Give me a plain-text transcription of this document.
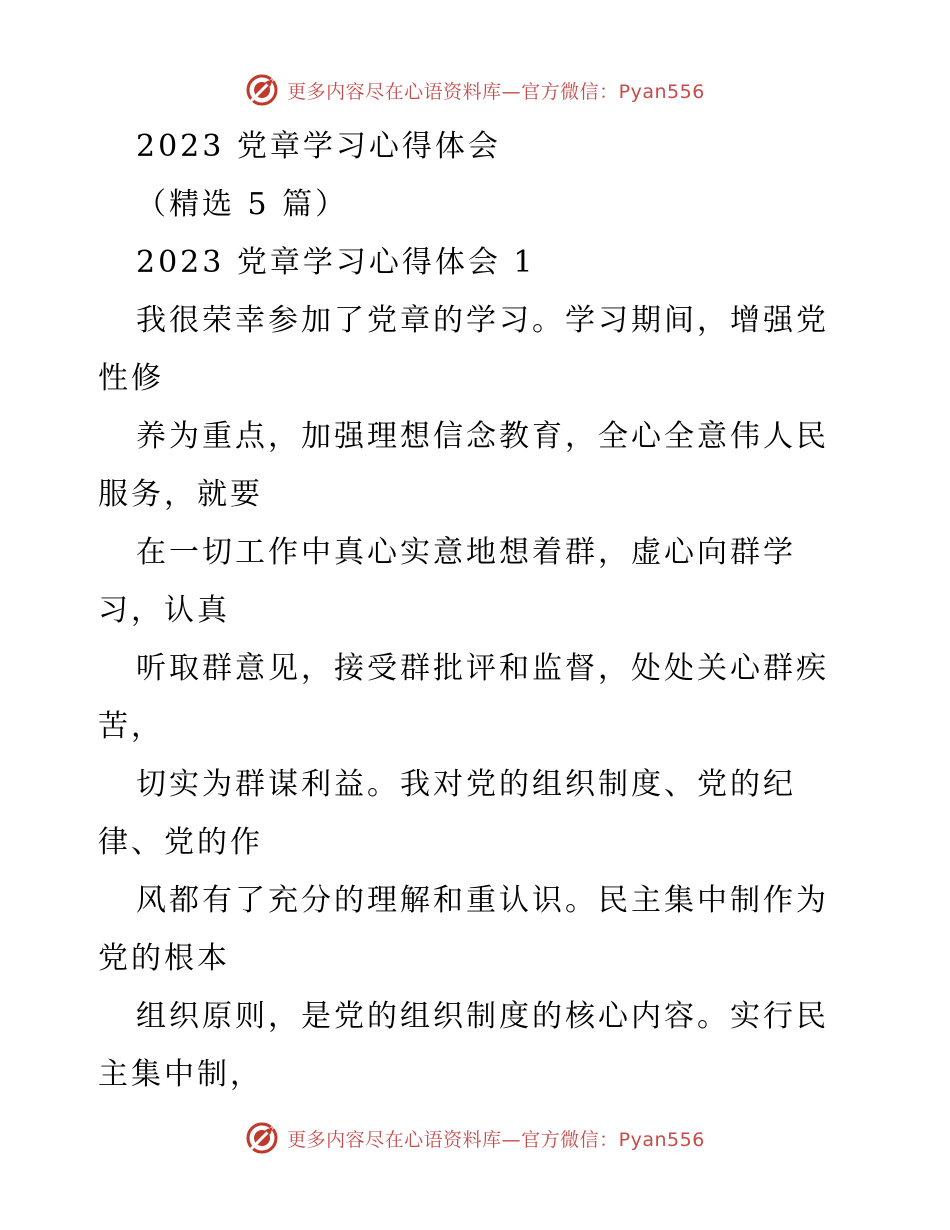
更多内容尽在心语资料库—官方微信：Pyan556
2023 党章学习心得体会
（精选 5 篇）
2023 党章学习心得体会 1
我很荣幸参加了党章的学习。学习期间，增强党
性修
养为重点，加强理想信念教育，全心全意伟人民
服务，就要
在一切工作中真心实意地想着群，虚心向群学
习，认真
听取群意见，接受群批评和监督，处处关心群疾
苦，
切实为群谋利益。我对党的组织制度、党的纪
律、党的作
风都有了充分的理解和重认识。民主集中制作为
党的根本
组织原则，是党的组织制度的核心内容。实行民
主集中制，
更多内容尽在心语资料库—官方微信：Pyan556
